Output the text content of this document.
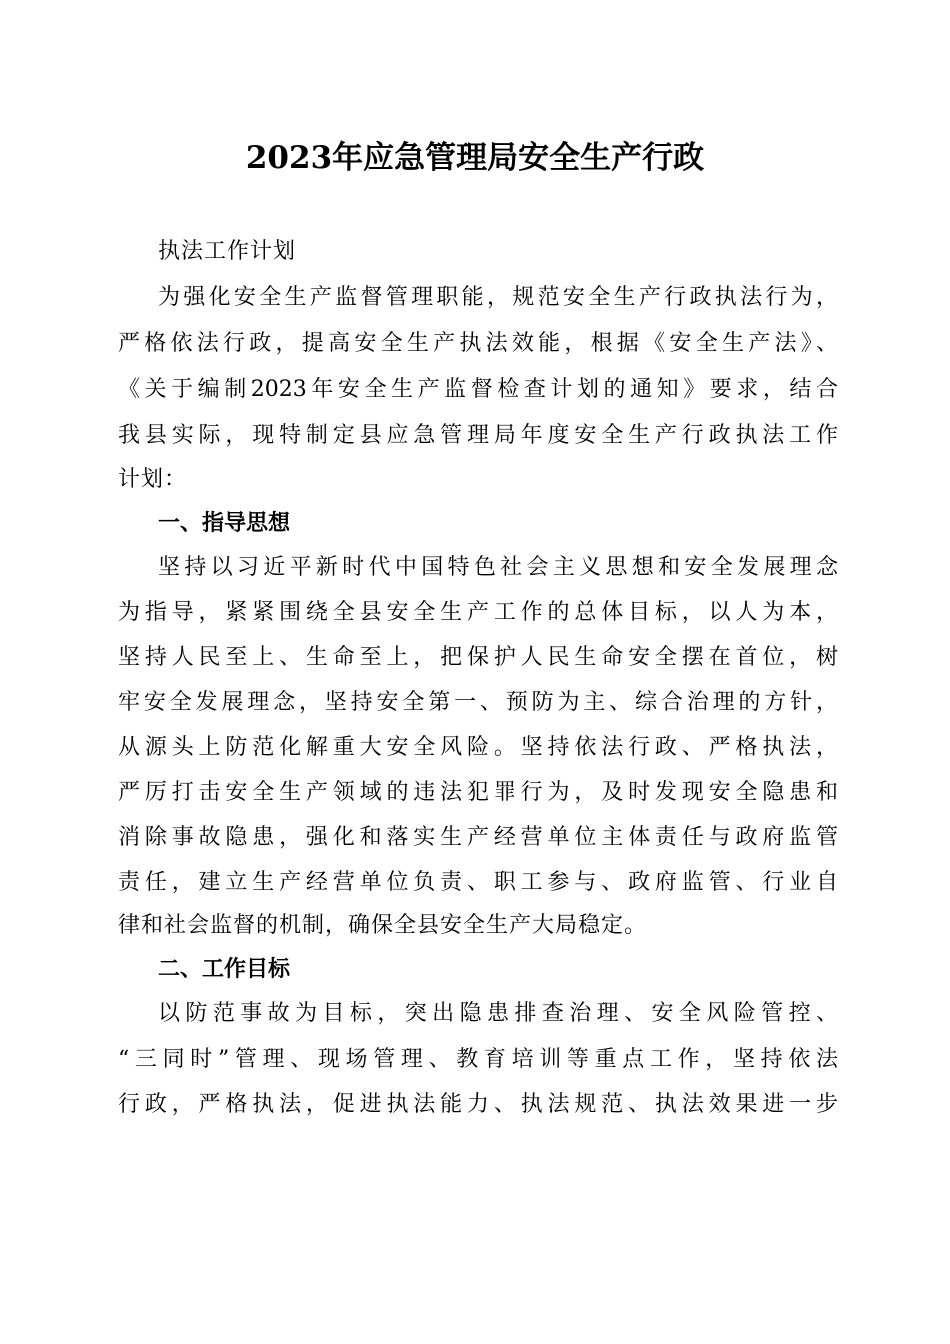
2023年应急管理局安全生产行政

执法工作计划

为强化安全生产监督管理职能，规范安全生产行政执法行为，

严格依法行政，提高安全生产执法效能，根据《安全生产法》、

《关于编制2023年安全生产监督检查计划的通知》要求，结合

我县实际，现特制定县应急管理局年度安全生产行政执法工作

计划：

一、指导思想

坚持以习近平新时代中国特色社会主义思想和安全发展理念

为指导，紧紧围绕全县安全生产工作的总体目标，以人为本，

坚持人民至上、生命至上，把保护人民生命安全摆在首位，树

牢安全发展理念，坚持安全第一、预防为主、综合治理的方针，

从源头上防范化解重大安全风险。坚持依法行政、严格执法，

严厉打击安全生产领域的违法犯罪行为，及时发现安全隐患和

消除事故隐患，强化和落实生产经营单位主体责任与政府监管

责任，建立生产经营单位负责、职工参与、政府监管、行业自

律和社会监督的机制，确保全县安全生产大局稳定。

二、工作目标

以防范事故为目标，突出隐患排查治理、安全风险管控、

“三同时”管理、现场管理、教育培训等重点工作，坚持依法

行政，严格执法，促进执法能力、执法规范、执法效果进一步
